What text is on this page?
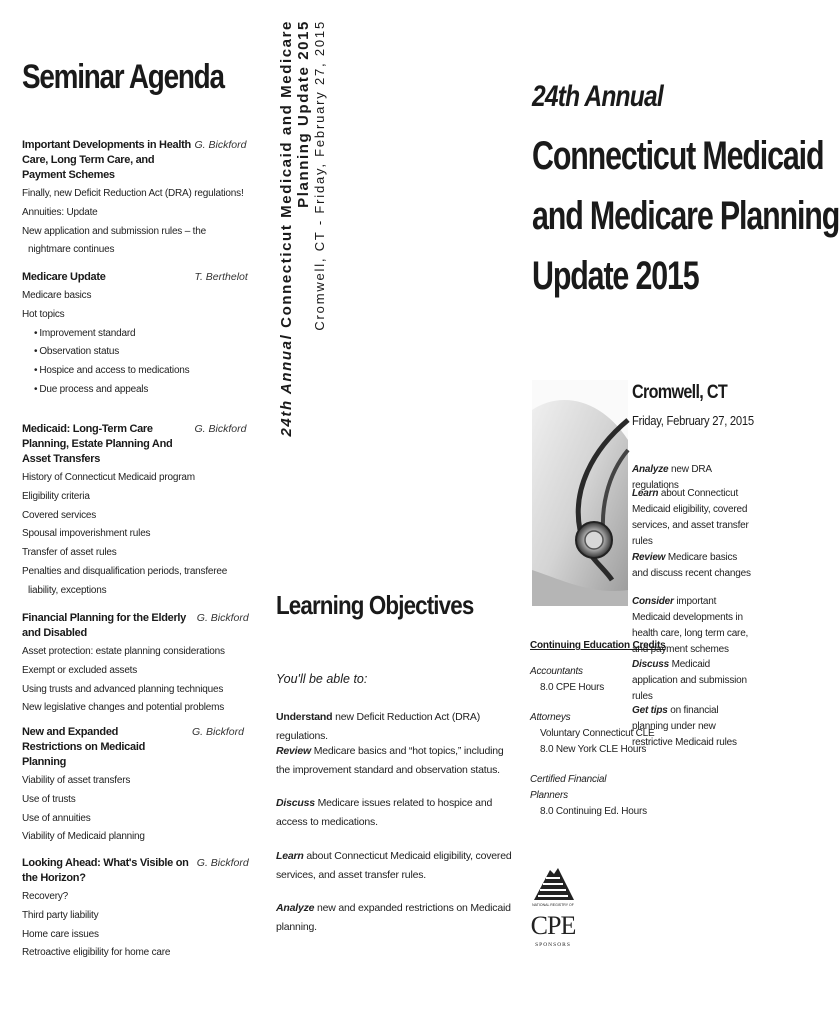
Seminar Agenda
Important Developments in Health Care, Long Term Care, and Payment Schemes
G. Bickford
Finally, new Deficit Reduction Act (DRA) regulations!
Annuities: Update
New application and submission rules – the
nightmare continues
Medicare Update	T. Berthelot
Medicare basics
Hot topics
• Improvement standard
• Observation status
• Hospice and access to medications
• Due process and appeals
Medicaid: Long-Term Care Planning, Estate Planning And Asset Transfers
G. Bickford
History of Connecticut Medicaid program
Eligibility criteria
Covered services
Spousal impoverishment rules
Transfer of asset rules
Penalties and disqualification periods, transferee
liability, exceptions
Financial Planning for the Elderly and Disabled
G. Bickford
Asset protection: estate planning considerations
Exempt or excluded assets
Using trusts and advanced planning techniques
New legislative changes and potential problems
New and Expanded Restrictions on Medicaid Planning
G. Bickford
Viability of asset transfers
Use of trusts
Use of annuities
Viability of Medicaid planning
Looking Ahead: What's Visible on the Horizon?
G. Bickford
Recovery?
Third party liability
Home care issues
Retroactive eligibility for home care
24th Annual Connecticut Medicaid and Medicare Planning Update 2015 Cromwell, CT - Friday, February 27, 2015
Learning Objectives
You'll be able to:
Understand new Deficit Reduction Act (DRA) regulations.
Review Medicare basics and “hot topics,” including the improvement standard and observation status.
Discuss Medicare issues related to hospice and access to medications.
Learn about Connecticut Medicaid eligibility, covered services, and asset transfer rules.
Analyze new and expanded restrictions on Medicaid planning.
24th Annual
Connecticut Medicaid
and Medicare Planning
Update 2015
Cromwell, CT
Friday, February 27, 2015
Analyze new DRA regulations
Learn about Connecticut Medicaid eligibility, covered services, and asset transfer rules
Review Medicare basics and discuss recent changes
Consider important Medicaid developments in health care, long term care, and payment schemes
Discuss Medicaid application and submission rules
Get tips on financial planning under new restrictive Medicaid rules
Continuing Education Credits
Accountants
8.0 CPE Hours
Attorneys
Voluntary Connecticut CLE
8.0 New York CLE Hours
Certified Financial Planners
8.0 Continuing Ed. Hours
NATIONAL REGISTRY OF
CPE
SPONSORS
